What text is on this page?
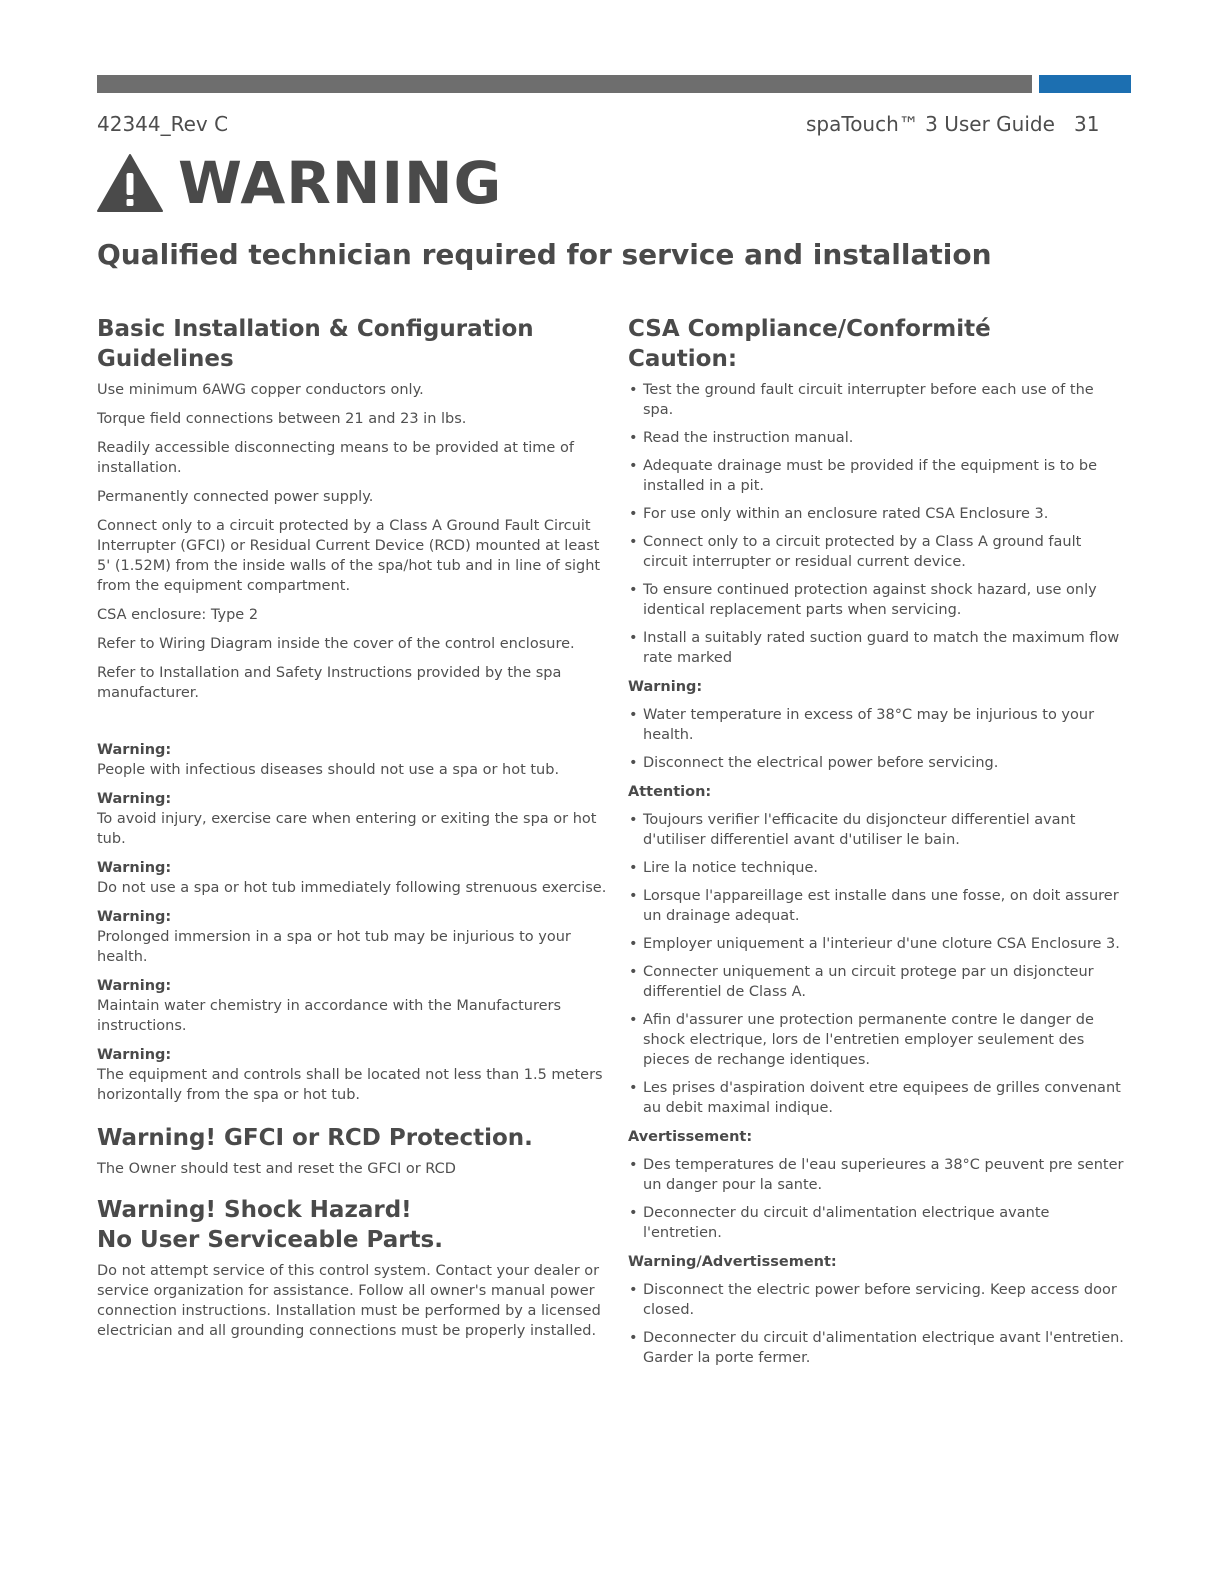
42344_Rev C	spaTouch™ 3 User Guide 31
WARNING
Qualified technician required for service and installation
Basic Installation & Configuration Guidelines

Use minimum 6AWG copper conductors only.

Torque field connections between 21 and 23 in lbs.

Readily accessible disconnecting means to be provided at time of installation.

Permanently connected power supply.

Connect only to a circuit protected by a Class A Ground Fault Circuit Interrupter (GFCI) or Residual Current Device (RCD) mounted at least 5' (1.52M) from the inside walls of the spa/hot tub and in line of sight from the equipment compartment.

CSA enclosure: Type 2

Refer to Wiring Diagram inside the cover of the control enclosure.

Refer to Installation and Safety Instructions provided by the spa manufacturer.

Warning:
People with infectious diseases should not use a spa or hot tub.
Warning:
To avoid injury, exercise care when entering or exiting the spa or hot tub.
Warning:
Do not use a spa or hot tub immediately following strenuous exercise.
Warning:
Prolonged immersion in a spa or hot tub may be injurious to your health.
Warning:
Maintain water chemistry in accordance with the Manufacturers instructions.
Warning:
The equipment and controls shall be located not less than 1.5 meters horizontally from the spa or hot tub.
Warning! GFCI or RCD Protection.

The Owner should test and reset the GFCI or RCD

Warning! Shock Hazard!
No User Serviceable Parts.

Do not attempt service of this control system. Contact your dealer or service organization for assistance. Follow all owner's manual power connection instructions. Installation must be performed by a licensed electrician and all grounding connections must be properly installed.

CSA Compliance/Conformité Caution:
• Test the ground fault circuit interrupter before each use of the spa.
• Read the instruction manual.
• Adequate drainage must be provided if the equipment is to be installed in a pit.
• For use only within an enclosure rated CSA Enclosure 3.
• Connect only to a circuit protected by a Class A ground fault circuit interrupter or residual current device.
• To ensure continued protection against shock hazard, use only identical replacement parts when servicing.
• Install a suitably rated suction guard to match the maximum flow rate marked
Warning:
• Water temperature in excess of 38°C may be injurious to your health.
• Disconnect the electrical power before servicing.
Attention:
• Toujours verifier l'efficacite du disjoncteur differentiel avant d'utiliser differentiel avant d'utiliser le bain.
• Lire la notice technique.
• Lorsque l'appareillage est installe dans une fosse, on doit assurer un drainage adequat.
• Employer uniquement a l'interieur d'une cloture CSA Enclosure 3.
• Connecter uniquement a un circuit protege par un disjoncteur differentiel de Class A.
• Afin d'assurer une protection permanente contre le danger de shock electrique, lors de l'entretien employer seulement des pieces de rechange identiques.
• Les prises d'aspiration doivent etre equipees de grilles convenant au debit maximal indique.
Avertissement:
• Des temperatures de l'eau superieures a 38°C peuvent pre senter un danger pour la sante.
• Deconnecter du circuit d'alimentation electrique avante l'entretien.
Warning/Advertissement:
• Disconnect the electric power before servicing. Keep access door closed.
• Deconnecter du circuit d'alimentation electrique avant l'entretien. Garder la porte fermer.
